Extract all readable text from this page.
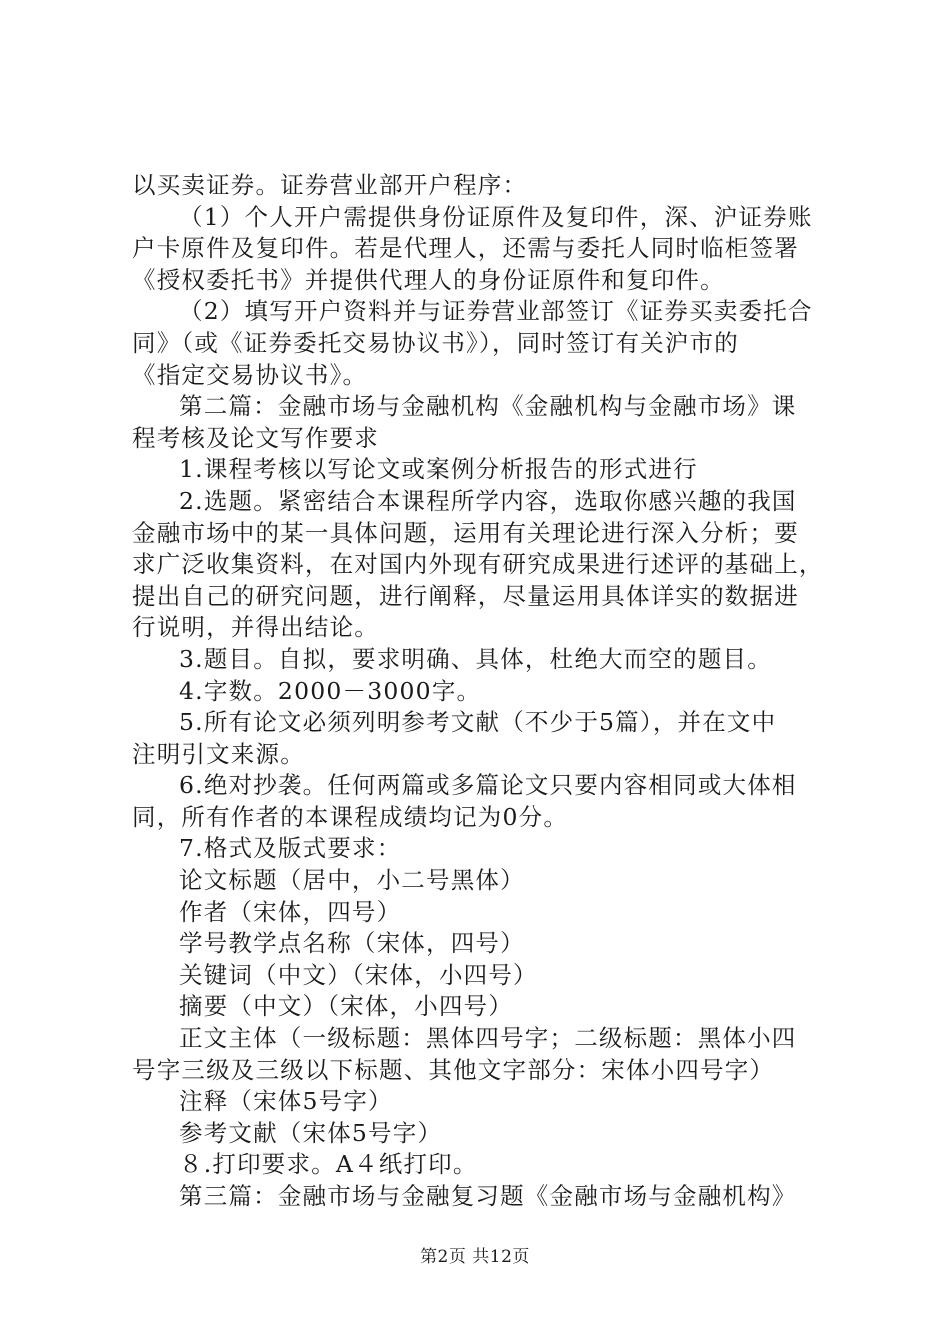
以买卖证券。证券营业部开户程序：

（1）个人开户需提供身份证原件及复印件，深、沪证券账

户卡原件及复印件。若是代理人，还需与委托人同时临柜签署

《授权委托书》并提供代理人的身份证原件和复印件。

（2）填写开户资料并与证券营业部签订《证券买卖委托合

同》（或《证券委托交易协议书》），同时签订有关沪市的

《指定交易协议书》。

第二篇：金融市场与金融机构《金融机构与金融市场》课

程考核及论文写作要求

1.课程考核以写论文或案例分析报告的形式进行

2.选题。紧密结合本课程所学内容，选取你感兴趣的我国

金融市场中的某一具体问题，运用有关理论进行深入分析；要

求广泛收集资料，在对国内外现有研究成果进行述评的基础上，

提出自己的研究问题，进行阐释，尽量运用具体详实的数据进

行说明，并得出结论。

3.题目。自拟，要求明确、具体，杜绝大而空的题目。

4.字数。2000－3000字。

5.所有论文必须列明参考文献（不少于5篇），并在文中

注明引文来源。

6.绝对抄袭。任何两篇或多篇论文只要内容相同或大体相

同，所有作者的本课程成绩均记为0分。

7.格式及版式要求：

论文标题（居中，小二号黑体）

作者（宋体，四号）

学号教学点名称（宋体，四号）

关键词（中文）（宋体，小四号）

摘要（中文）（宋体，小四号）

正文主体（一级标题：黑体四号字；二级标题：黑体小四

号字三级及三级以下标题、其他文字部分：宋体小四号字）

注释（宋体5号字）

参考文献（宋体5号字）

８.打印要求。A４纸打印。

第三篇：金融市场与金融复习题《金融市场与金融机构》

第2页 共12页
